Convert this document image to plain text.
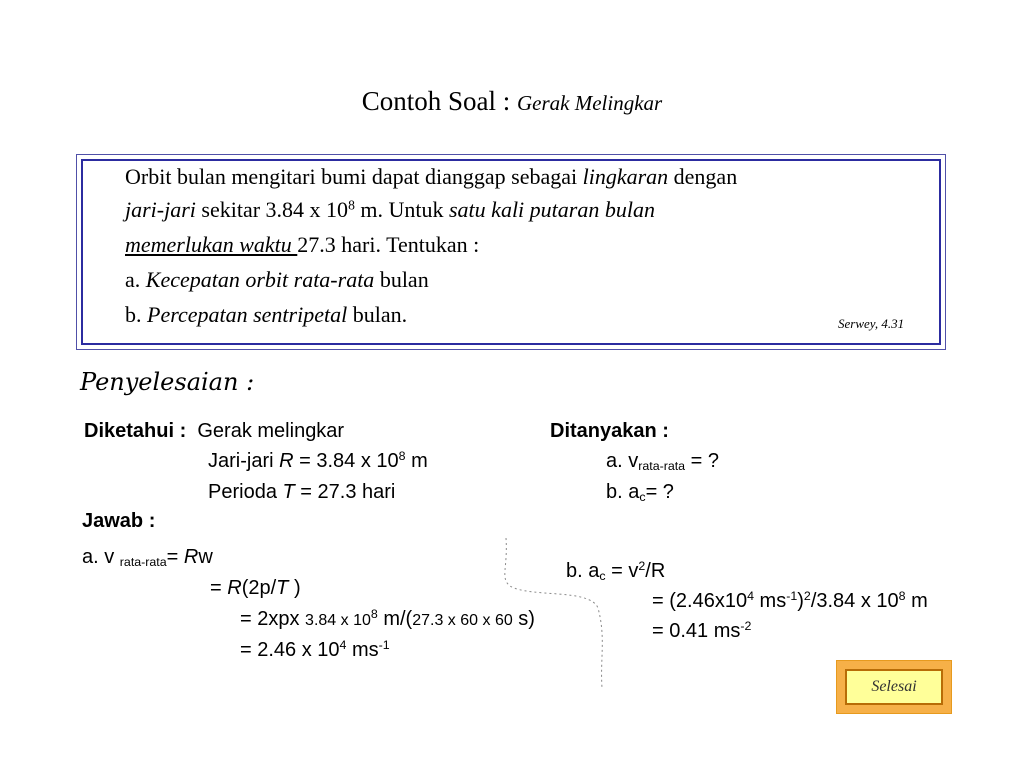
Contoh Soal : Gerak Melingkar
Orbit bulan mengitari bumi dapat dianggap sebagai lingkaran dengan
jari-jari sekitar 3.84 x $10^8$ m. Untuk satu kali putaran bulan
memerlukan waktu 27.3 hari. Tentukan :
a. Kecepatan orbit rata-rata bulan
b. Percepatan sentripetal bulan.	Serwey, 4.31
Penyelesaian :
Diketahui : Gerak melingkar
Jari-jari R = 3.84 x $10^8$ m
Perioda T = 27.3 hari
Ditanyakan :
a. $v_{rata-rata}$ = ?
b. $a_c=$ ?
Jawab :
a. v $_{rata-rata}$= Rw
= R(2p/T )
= 2xpx 3.84 x $10^8$ m/(27.3 x 60 x 60 s)
= 2.46 x $10^4$ $ms^{-1}$
b. $a_c = v^2/R$
= ($2.46x10^4$ $ms^{-1})^2/3.84$ x $10^8$ m
= 0.41 $ms^{-2}$
Selesai
